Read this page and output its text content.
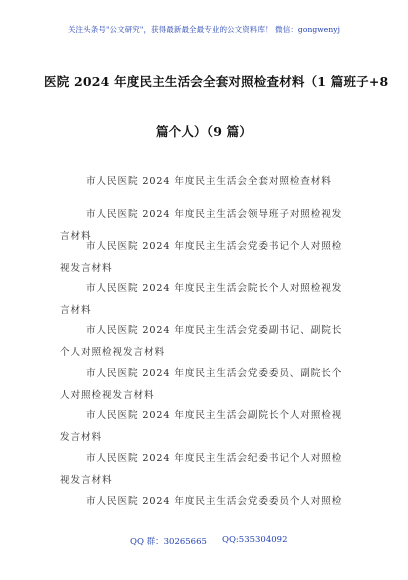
关注头条号"公文研究"，获得最新最全最专业的公文资料库！ 微信：gongwenyj
医院 2024 年度民主生活会全套对照检查材料（1 篇班子+8
篇个人）（9 篇）
市人民医院 2024 年度民主生活会全套对照检查材料
市人民医院 2024 年度民主生活会领导班子对照检视发
言材料
市人民医院 2024 年度民主生活会党委书记个人对照检
视发言材料
市人民医院 2024 年度民主生活会院长个人对照检视发
言材料
市人民医院 2024 年度民主生活会党委副书记、副院长
个人对照检视发言材料
市人民医院 2024 年度民主生活会党委委员、副院长个
人对照检视发言材料
市人民医院 2024 年度民主生活会副院长个人对照检视
发言材料
市人民医院 2024 年度民主生活会纪委书记个人对照检
视发言材料
市人民医院 2024 年度民主生活会党委委员个人对照检
QQ 群：30265665 QQ:535304092
